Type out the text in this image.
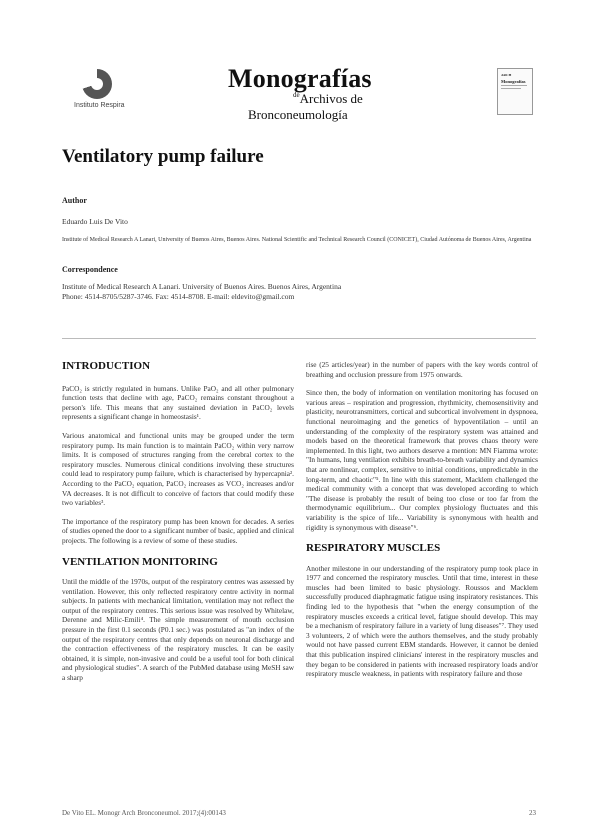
Instituto Respira
Monografías
$^{de}$Archivos de
Bronconeumología
ARCH
Monografías
Ventilatory pump failure
Author
Eduardo Luis De Vito
Institute of Medical Research A Lanari, University of Buenos Aires, Buenos Aires. National Scientific and Technical Research Council (CONICET), Ciudad Autónoma de Buenos Aires, Argentina
Correspondence
Institute of Medical Research A Lanari. University of Buenos Aires. Buenos Aires, Argentina
Phone: 4514-8705/5287-3746. Fax: 4514-8708. E-mail: eldevito@gmail.com

INTRODUCTION

PaCO₂ is strictly regulated in humans. Unlike PaO₂ and all other pulmonary function tests that decline with age, PaCO₂ remains constant throughout a person's life. This means that any sustained deviation in PaCO₂ levels represents a significant change in homeostasis¹.

Various anatomical and functional units may be grouped under the term respiratory pump. Its main function is to maintain PaCO₂ within very narrow limits. It is composed of structures ranging from the cerebral cortex to the respiratory muscles. Numerous clinical conditions involving these structures could lead to respiratory pump failure, which is characterised by hypercapnia². According to the PaCO₂ equation, PaCO₂ increases as VCO₂ increases and/or VA decreases. It is not difficult to conceive of factors that could modify these two variables³.

The importance of the respiratory pump has been known for decades. A series of studies opened the door to a significant number of basic, applied and clinical projects. The following is a review of some of these studies.

VENTILATION MONITORING

Until the middle of the 1970s, output of the respiratory centres was assessed by ventilation. However, this only reflected respiratory centre activity in normal subjects. In patients with mechanical limitation, ventilation may not reflect the output of the respiratory centres. This serious issue was resolved by Whitelaw, Derenne and Milic-Emili⁴. The simple measurement of mouth occlusion pressure in the first 0.1 seconds (P0.1 sec.) was postulated as "an index of the output of the respiratory centres that only depends on neuronal discharge and the contraction effectiveness of the respiratory muscles. It can be easily obtained, it is simple, non-invasive and could be a useful tool for both clinical and physiological studies". A search of the PubMed database using MeSH saw a sharp

rise (25 articles/year) in the number of papers with the key words control of breathing and occlusion pressure from 1975 onwards.

Since then, the body of information on ventilation monitoring has focused on various areas – respiration and progression, rhythmicity, chemosensitivity and plasticity, neurotransmitters, cortical and subcortical involvement in dyspnoea, functional neuroimaging and the genetics of hypoventilation – until an understanding of the complexity of the respiratory system was attained and models based on the theoretical framework that proves chaos theory were implemented. In this light, two authors deserve a mention: MN Fiamma wrote: "In humans, lung ventilation exhibits breath-to-breath variability and dynamics that are nonlinear, complex, sensitive to initial conditions, unpredictable in the long-term, and chaotic"⁵. In line with this statement, Macklem challenged the medical community with a concept that was developed according to which "The disease is probably the result of being too close or too far from the thermodynamic equilibrium... Our complex physiology fluctuates and this variability is the spice of life... Variability is synonymous with health and rigidity is synonymous with disease"⁶.

RESPIRATORY MUSCLES

Another milestone in our understanding of the respiratory pump took place in 1977 and concerned the respiratory muscles. Until that time, interest in these muscles had been limited to basic physiology. Roussos and Macklem successfully produced diaphragmatic fatigue using inspiratory resistances. This finding led to the hypothesis that "when the energy consumption of the respiratory muscles exceeds a critical level, fatigue should develop. This may be a mechanism of respiratory failure in a variety of lung diseases"⁷. They used 3 volunteers, 2 of which were the authors themselves, and the study probably would not have passed current EBM standards. However, it cannot be denied that this publication inspired clinicians' interest in the respiratory muscles and they began to be considered in patients with increased respiratory loads and/or respiratory muscle weakness, in patients with respiratory failure and those

De Vito EL. Monogr Arch Bronconeumol. 2017;(4):00143	23
